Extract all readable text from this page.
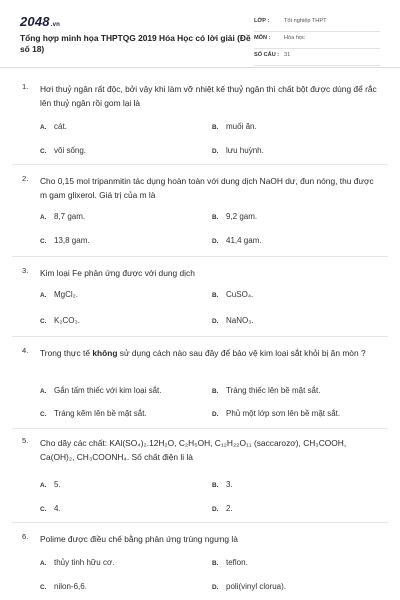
2048.vn
Tổng hợp minh họa THPTQG 2019 Hóa Học có lời giải (Đề số 18)
LỚP :	Tốt nghiệp THPT
MÔN : Hóa học
SỐ CÂU : 31
1. Hơi thuỷ ngân rất độc, bởi vậy khi làm vỡ nhiệt kế thuỷ ngân thì chất bột được dùng để rắc lên thuỷ ngân rồi gom lại là
A. cát.	B. muối ăn.
C. vôi sống.	D. lưu huỳnh.
2. Cho 0,15 mol tripanmitin tác dụng hoàn toàn với dung dịch NaOH dư, đun nóng, thu được m gam glixerol. Giá trị của m là
A. 8,7 gam.	B. 9,2 gam.
C. 13,8 gam.	D. 41,4 gam.
3. Kim loại Fe phản ứng được với dung dịch
A. MgCl₂.	B. CuSO₄.
C. K₂CO₃.	D. NaNO₃.
4. Trong thực tế không sử dụng cách nào sau đây để bảo vệ kim loại sắt khỏi bị ăn mòn ?
A. Gắn tấm thiếc với kim loại sắt.	B. Tráng thiếc lên bề mặt sắt.
C. Tráng kẽm lên bề mặt sắt.	D. Phủ một lớp sơn lên bề mặt sắt.
5. Cho dãy các chất: KAl(SO₄)₂.12H₂O, C₂H₅OH, C₁₂H₂₂O₁₁ (saccarozơ), CH₃COOH, Ca(OH)₂, CH₃COONH₄. Số chất điện li là
A. 5.	B. 3.
C. 4.	D. 2.
6. Polime được điều chế bằng phản ứng trùng ngưng là
A. thủy tinh hữu cơ.	B. teflon.
C. nilon-6,6.	D. poli(vinyl clorua).
